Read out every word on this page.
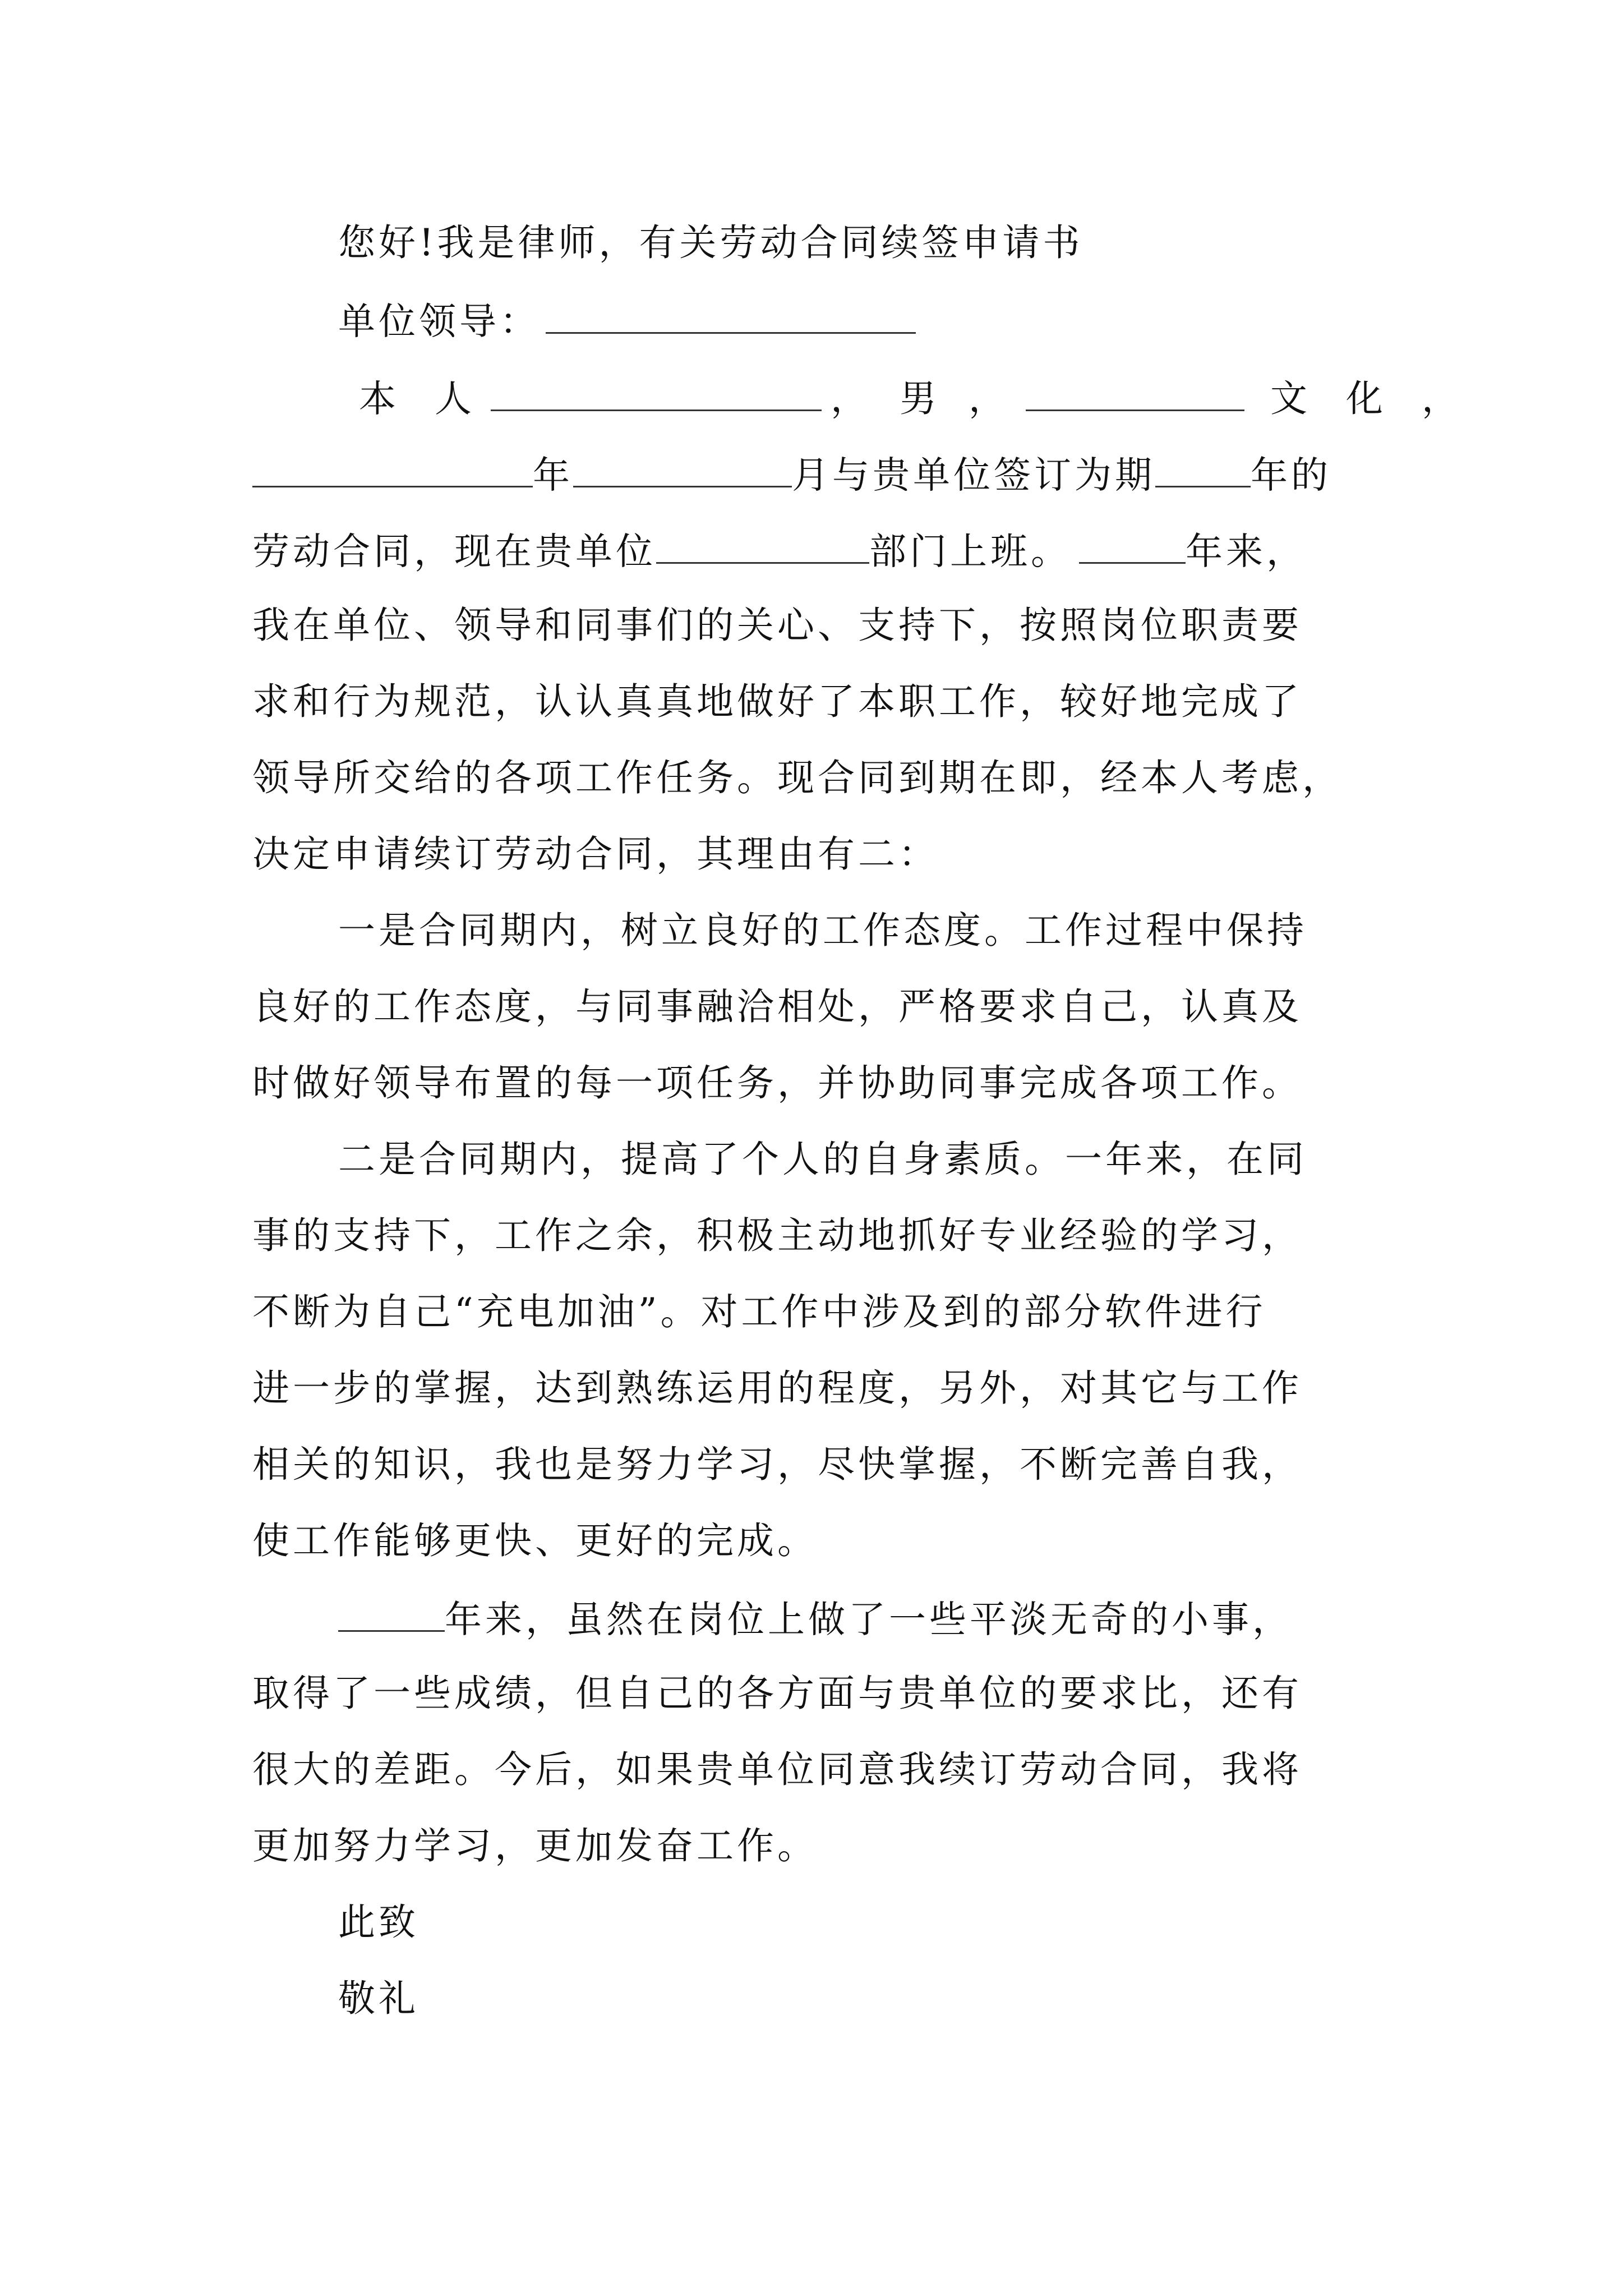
您好!我是律师，有关劳动合同续签申请书
单位领导：
本 人	， 男 ，	文 化 ，
年	月与贵单位签订为期	年的
劳动合同，现在贵单位	部门上班。	年来，
我在单位、领导和同事们的关心、支持下，按照岗位职责要
求和行为规范，认认真真地做好了本职工作，较好地完成了
领导所交给的各项工作任务。现合同到期在即，经本人考虑，
决定申请续订劳动合同，其理由有二：
一是合同期内，树立良好的工作态度。工作过程中保持
良好的工作态度，与同事融洽相处，严格要求自己，认真及
时做好领导布置的每一项任务，并协助同事完成各项工作。
二是合同期内，提高了个人的自身素质。一年来，在同
事的支持下，工作之余，积极主动地抓好专业经验的学习，
不断为自己“充电加油”。对工作中涉及到的部分软件进行
进一步的掌握，达到熟练运用的程度，另外，对其它与工作
相关的知识，我也是努力学习，尽快掌握，不断完善自我，
使工作能够更快、更好的完成。
年来，虽然在岗位上做了一些平淡无奇的小事，
取得了一些成绩，但自己的各方面与贵单位的要求比，还有
很大的差距。今后，如果贵单位同意我续订劳动合同，我将
更加努力学习，更加发奋工作。
此致
敬礼
